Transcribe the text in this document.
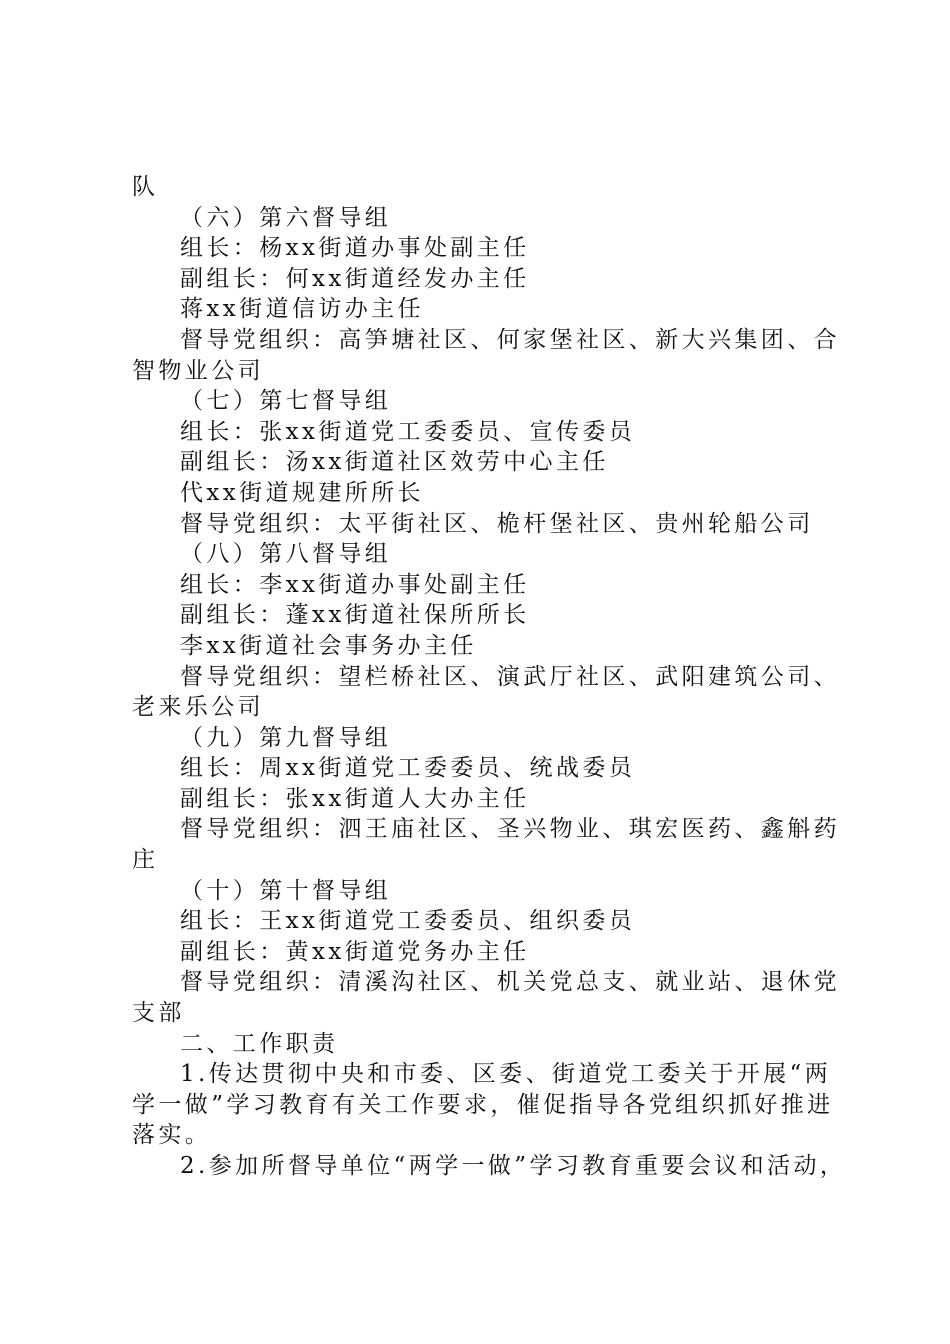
队
（六）第六督导组
组长：杨xx街道办事处副主任
副组长：何xx街道经发办主任
蒋xx街道信访办主任
督导党组织：高笋塘社区、何家堡社区、新大兴集团、合
智物业公司
（七）第七督导组
组长：张xx街道党工委委员、宣传委员
副组长：汤xx街道社区效劳中心主任
代xx街道规建所所长
督导党组织：太平街社区、桅杆堡社区、贵州轮船公司
（八）第八督导组
组长：李xx街道办事处副主任
副组长：蓬xx街道社保所所长
李xx街道社会事务办主任
督导党组织：望栏桥社区、演武厅社区、武阳建筑公司、
老来乐公司
（九）第九督导组
组长：周xx街道党工委委员、统战委员
副组长：张xx街道人大办主任
督导党组织：泗王庙社区、圣兴物业、琪宏医药、鑫斛药
庄
（十）第十督导组
组长：王xx街道党工委委员、组织委员
副组长：黄xx街道党务办主任
督导党组织：清溪沟社区、机关党总支、就业站、退休党
支部
二、工作职责
1.传达贯彻中央和市委、区委、街道党工委关于开展“两
学一做”学习教育有关工作要求，催促指导各党组织抓好推进
落实。
2.参加所督导单位“两学一做”学习教育重要会议和活动，
